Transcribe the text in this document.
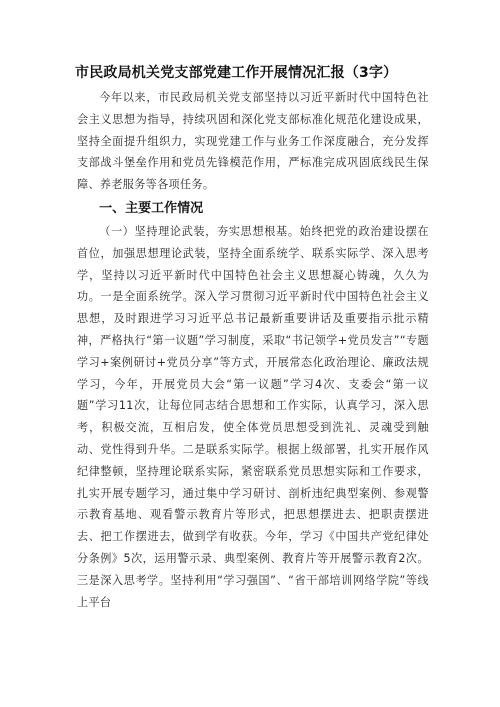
市民政局机关党支部党建工作开展情况汇报（3字）

今年以来，市民政局机关党支部坚持以习近平新时代中国特色社会主义思想为指导，持续巩固和深化党支部标准化规范化建设成果，坚持全面提升组织力，实现党建工作与业务工作深度融合，充分发挥支部战斗堡垒作用和党员先锋模范作用，严标准完成巩固底线民生保障、养老服务等各项任务。

一、主要工作情况

（一）坚持理论武装，夯实思想根基。始终把党的政治建设摆在首位，加强思想理论武装，坚持全面系统学、联系实际学、深入思考学，坚持以习近平新时代中国特色社会主义思想凝心铸魂，久久为功。一是全面系统学。深入学习贯彻习近平新时代中国特色社会主义思想，及时跟进学习习近平总书记最新重要讲话及重要指示批示精神，严格执行“第一议题”学习制度，采取“书记领学+党员发言”“专题学习+案例研讨+党员分享”等方式，开展常态化政治理论、廉政法规学习，今年，开展党员大会“第一议题”学习4次、支委会“第一议题”学习11次，让每位同志结合思想和工作实际，认真学习，深入思考，积极交流，互相启发，使全体党员思想受到洗礼、灵魂受到触动、党性得到升华。二是联系实际学。根据上级部署，扎实开展作风纪律整顿，坚持理论联系实际，紧密联系党员思想实际和工作要求，扎实开展专题学习，通过集中学习研讨、剖析违纪典型案例、参观警示教育基地、观看警示教育片等形式，把思想摆进去、把职责摆进去、把工作摆进去，做到学有收获。今年，学习《中国共产党纪律处分条例》5次，运用警示录、典型案例、教育片等开展警示教育2次。三是深入思考学。坚持利用“学习强国”、“省干部培训网络学院”等线上平台
